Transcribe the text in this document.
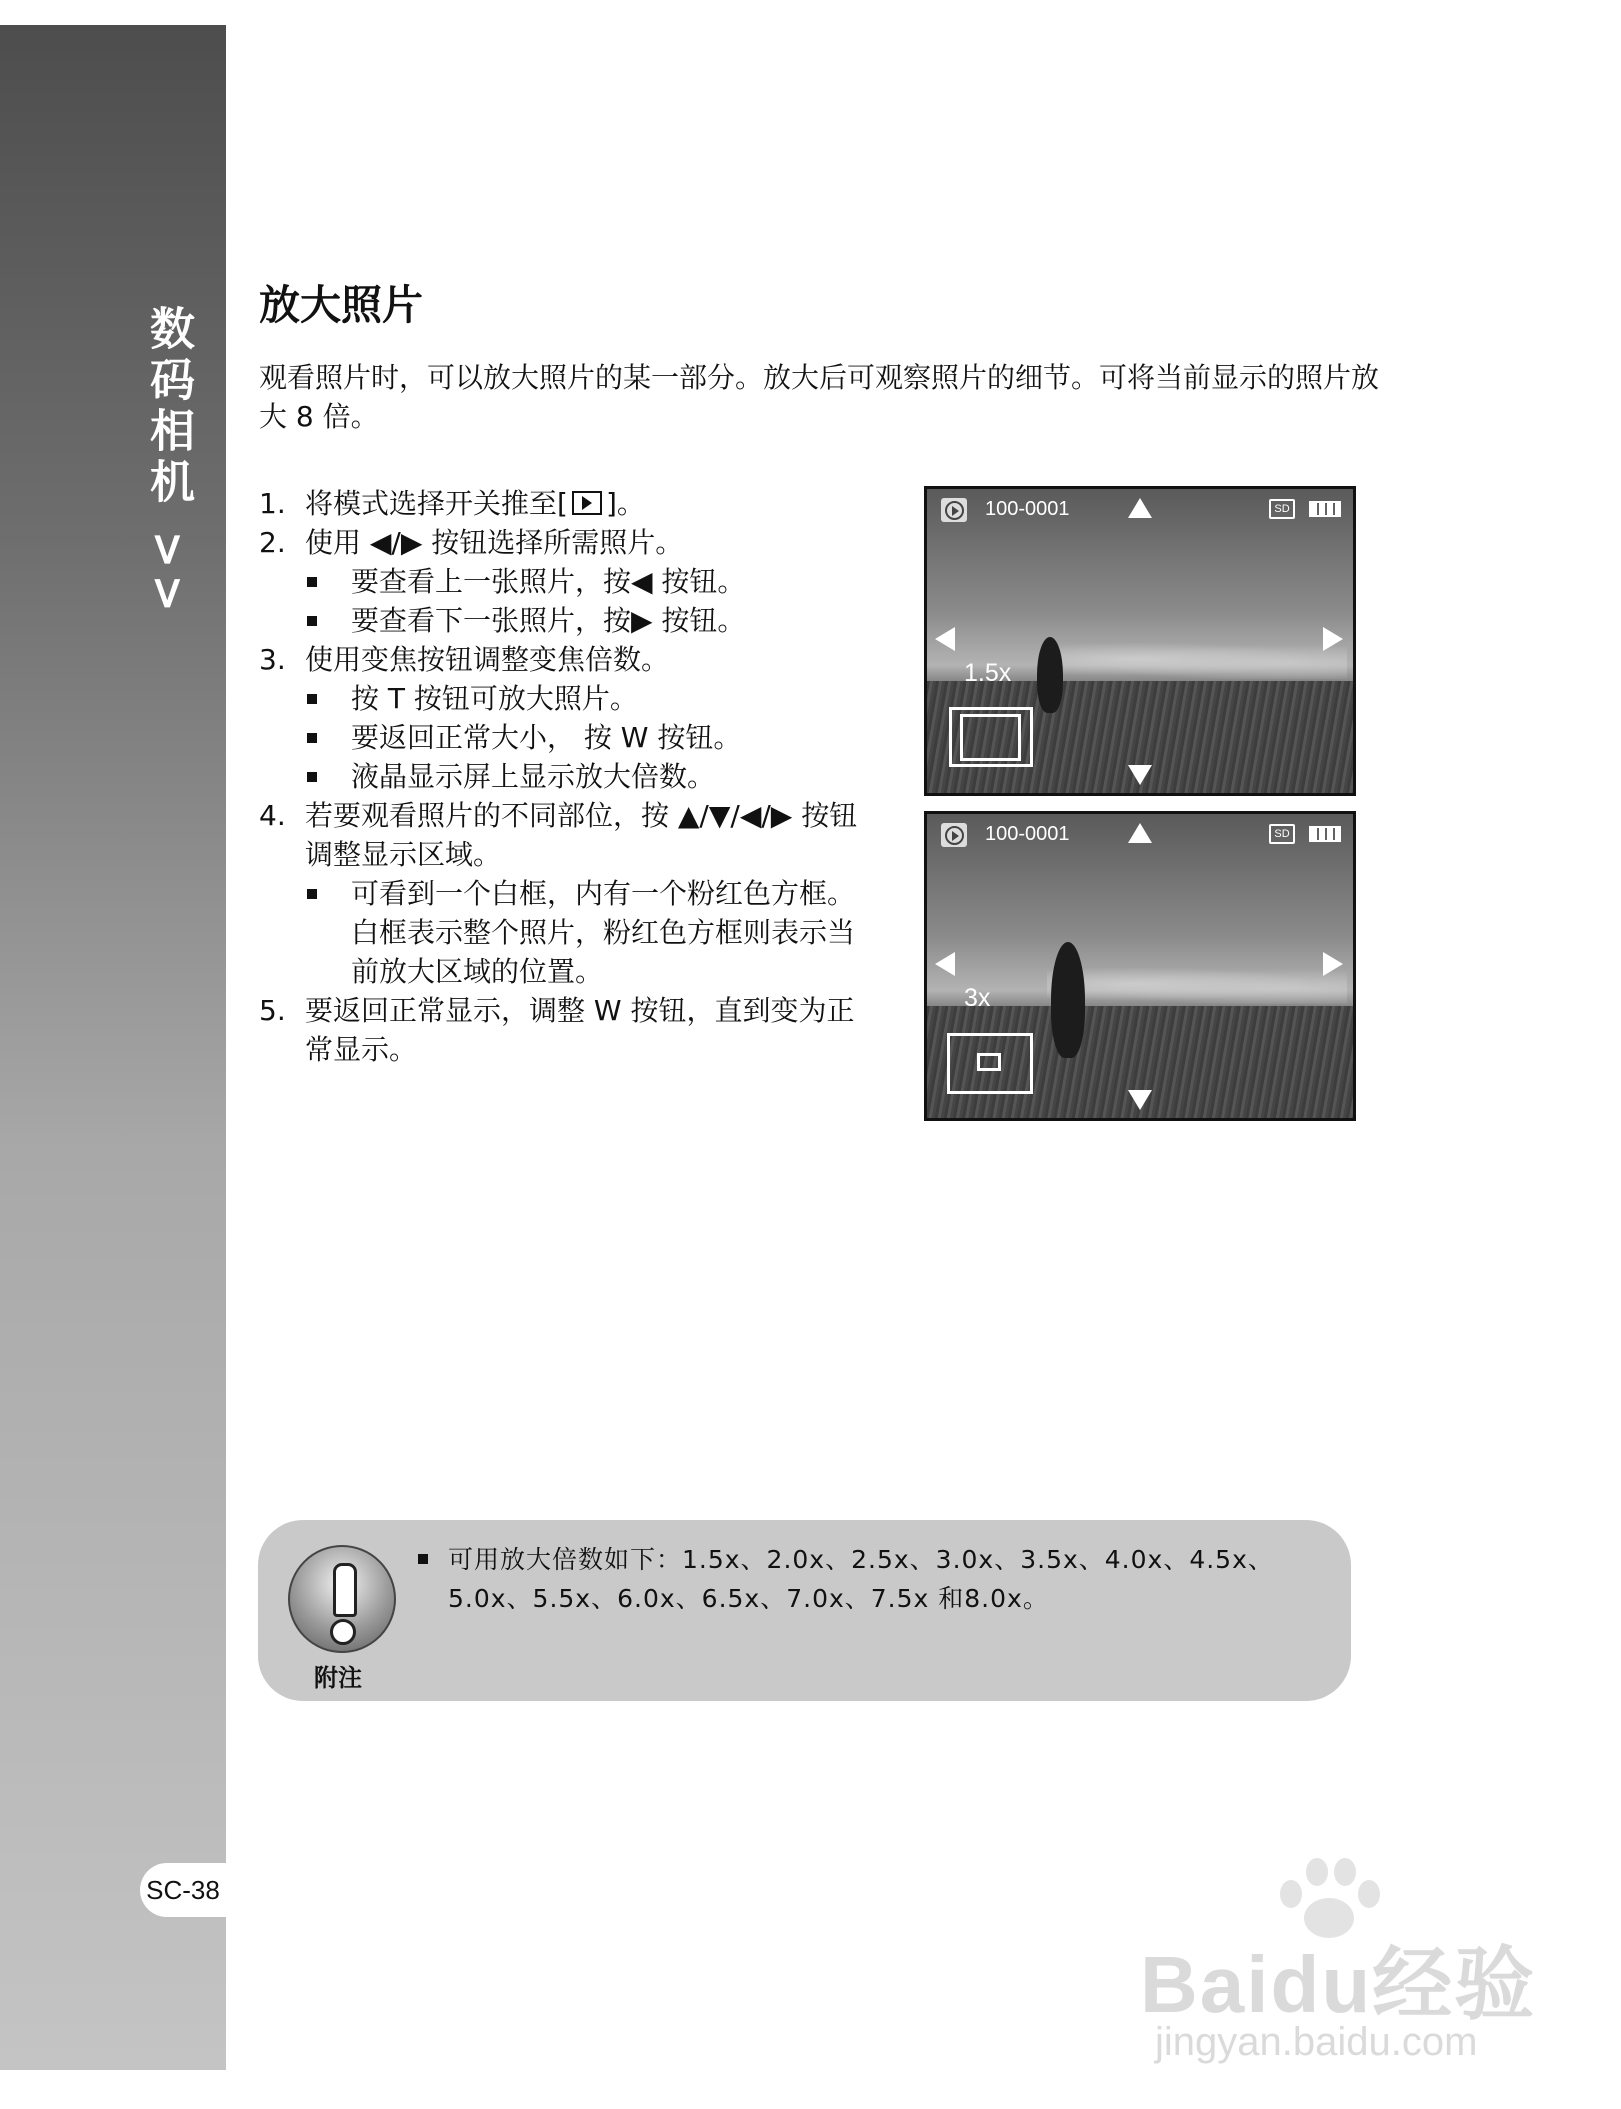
数码相机 >>
SC-38
放大照片

观看照片时，可以放大照片的某一部分。放大后可观察照片的细节。可将当前显示的照片放大 8 倍。

1. 将模式选择开关推至[ ]。
2. 使用 ◀/▶ 按钮选择所需照片。
要查看上一张照片，按◀ 按钮。
要查看下一张照片，按▶ 按钮。
3. 使用变焦按钮调整变焦倍数。
按 T 按钮可放大照片。
要返回正常大小， 按 W 按钮。
液晶显示屏上显示放大倍数。
4. 若要观看照片的不同部位，按 ▲/▼/◀/▶ 按钮调整显示区域。
可看到一个白框，内有一个粉红色方框。白框表示整个照片，粉红色方框则表示当前放大区域的位置。
5. 要返回正常显示，调整 W 按钮，直到变为正常显示。
100-0001	SD
1.5x
100-0001	SD
3x
附注
可用放大倍数如下：1.5x、2.0x、2.5x、3.0x、3.5x、4.0x、4.5x、5.0x、5.5x、6.0x、6.5x、7.0x、7.5x 和8.0x。
Baidu经验
jingyan.baidu.com
